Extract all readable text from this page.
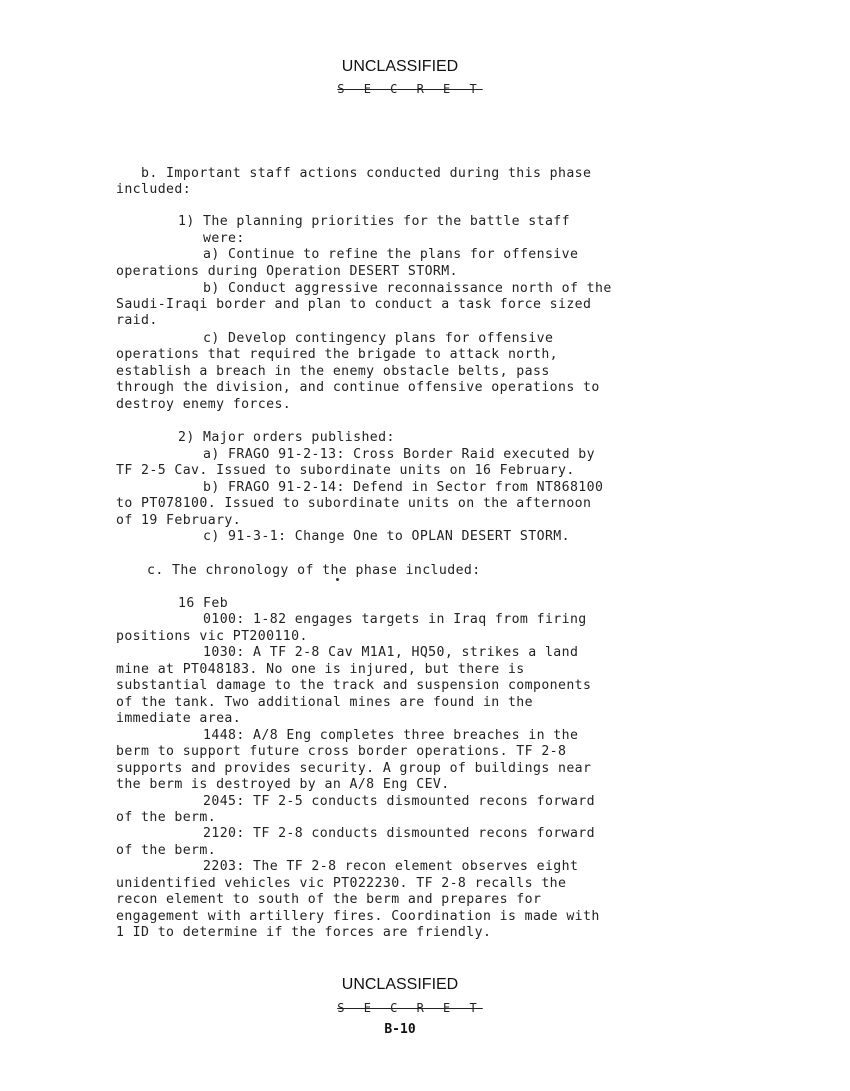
UNCLASSIFIED
S E C R E T
b. Important staff actions conducted during this phase
included:
1) The planning priorities for the battle staff
were:
a) Continue to refine the plans for offensive
operations during Operation DESERT STORM.
b) Conduct aggressive reconnaissance north of the
Saudi-Iraqi border and plan to conduct a task force sized
raid.
c) Develop contingency plans for offensive
operations that required the brigade to attack north,
establish a breach in the enemy obstacle belts, pass
through the division, and continue offensive operations to
destroy enemy forces.
2) Major orders published:
a) FRAGO 91-2-13: Cross Border Raid executed by
TF 2-5 Cav. Issued to subordinate units on 16 February.
b) FRAGO 91-2-14: Defend in Sector from NT868100
to PT078100. Issued to subordinate units on the afternoon
of 19 February.
c) 91-3-1: Change One to OPLAN DESERT STORM.
c. The chronology of the phase included:
16 Feb
0100: 1-82 engages targets in Iraq from firing
positions vic PT200110.
1030: A TF 2-8 Cav M1A1, HQ50, strikes a land
mine at PT048183. No one is injured, but there is
substantial damage to the track and suspension components
of the tank. Two additional mines are found in the
immediate area.
1448: A/8 Eng completes three breaches in the
berm to support future cross border operations. TF 2-8
supports and provides security. A group of buildings near
the berm is destroyed by an A/8 Eng CEV.
2045: TF 2-5 conducts dismounted recons forward
of the berm.
2120: TF 2-8 conducts dismounted recons forward
of the berm.
2203: The TF 2-8 recon element observes eight
unidentified vehicles vic PT022230. TF 2-8 recalls the
recon element to south of the berm and prepares for
engagement with artillery fires. Coordination is made with
1 ID to determine if the forces are friendly.
UNCLASSIFIED
S E C R E T
B-10
